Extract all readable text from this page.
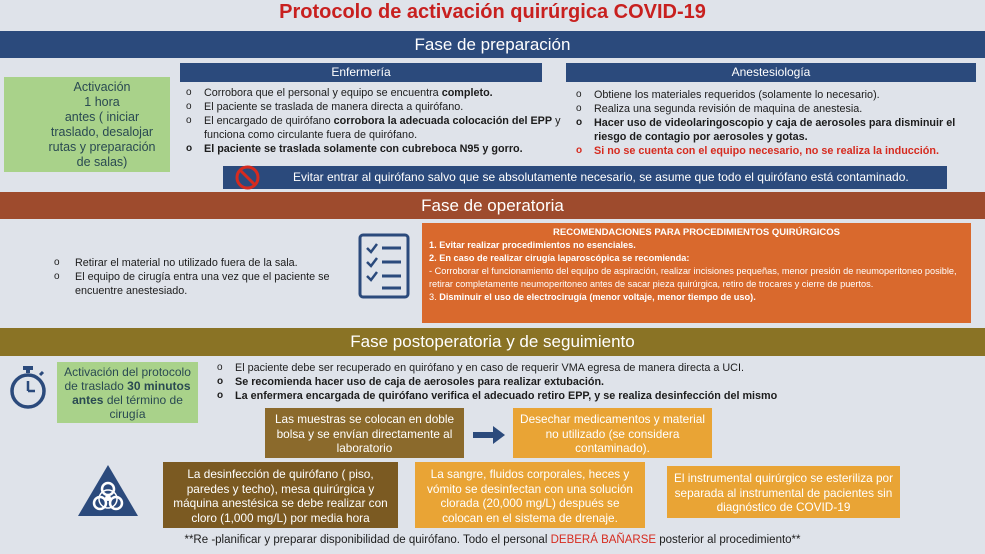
Protocolo de activación quirúrgica COVID-19
Fase de preparación
Activación
1 hora
antes ( iniciar
traslado, desalojar
rutas y preparación
de salas)
Enfermería
o Corrobora que el personal y equipo se encuentra completo.
o El paciente se traslada de manera directa a quirófano.
o El encargado de quirófano corrobora la adecuada colocación del EPP y funciona como circulante fuera de quirófano.
o El paciente se traslada solamente con cubreboca N95 y gorro.
Anestesiología
o Obtiene los materiales requeridos (solamente lo necesario).
o Realiza una segunda revisión de maquina de anestesia.
o Hacer uso de videolaringoscopio y caja de aerosoles para disminuir el riesgo de contagio por aerosoles y gotas.
o Si no se cuenta con el equipo necesario, no se realiza la inducción.
Evitar entrar al quirófano salvo que se absolutamente necesario, se asume que todo el quirófano está contaminado.
Fase de operatoria
o Retirar el material no utilizado fuera de la sala.
o El equipo de cirugía entra una vez que el paciente se encuentre anestesiado.
RECOMENDACIONES PARA PROCEDIMIENTOS QUIRÚRGICOS
1. Evitar realizar procedimientos no esenciales.
2. En caso de realizar cirugía laparoscópica se recomienda:
- Corroborar el funcionamiento del equipo de aspiración, realizar incisiones pequeñas, menor presión de neumoperitoneo posible, retirar completamente neumoperitoneo antes de sacar pieza quirúrgica, retiro de trocares y cierre de puertos.
3. Disminuir el uso de electrocirugía (menor voltaje, menor tiempo de uso).
Fase postoperatoria y de seguimiento
Activación del protocolo de traslado 30 minutos antes del término de cirugía
o El paciente debe ser recuperado en quirófano y en caso de requerir VMA egresa de manera directa a UCI.
o Se recomienda hacer uso de caja de aerosoles para realizar extubación.
o La enfermera encargada de quirófano verifica el adecuado retiro EPP, y se realiza desinfección del mismo
Las muestras se colocan en doble bolsa y se envían directamente al laboratorio
Desechar medicamentos y material no utilizado (se considera contaminado).
La desinfección de quirófano ( piso, paredes y techo), mesa quirúrgica y máquina anestésica se debe realizar con cloro (1,000 mg/L) por media hora
La sangre, fluidos corporales, heces y vómito se desinfectan con una solución clorada (20,000 mg/L) después se colocan en el sistema de drenaje.
El instrumental quirúrgico se esteriliza por separada al instrumental de pacientes sin diagnóstico de COVID-19
**Re -planificar y preparar disponibilidad de quirófano. Todo el personal DEBERÁ BAÑARSE posterior al procedimiento**
